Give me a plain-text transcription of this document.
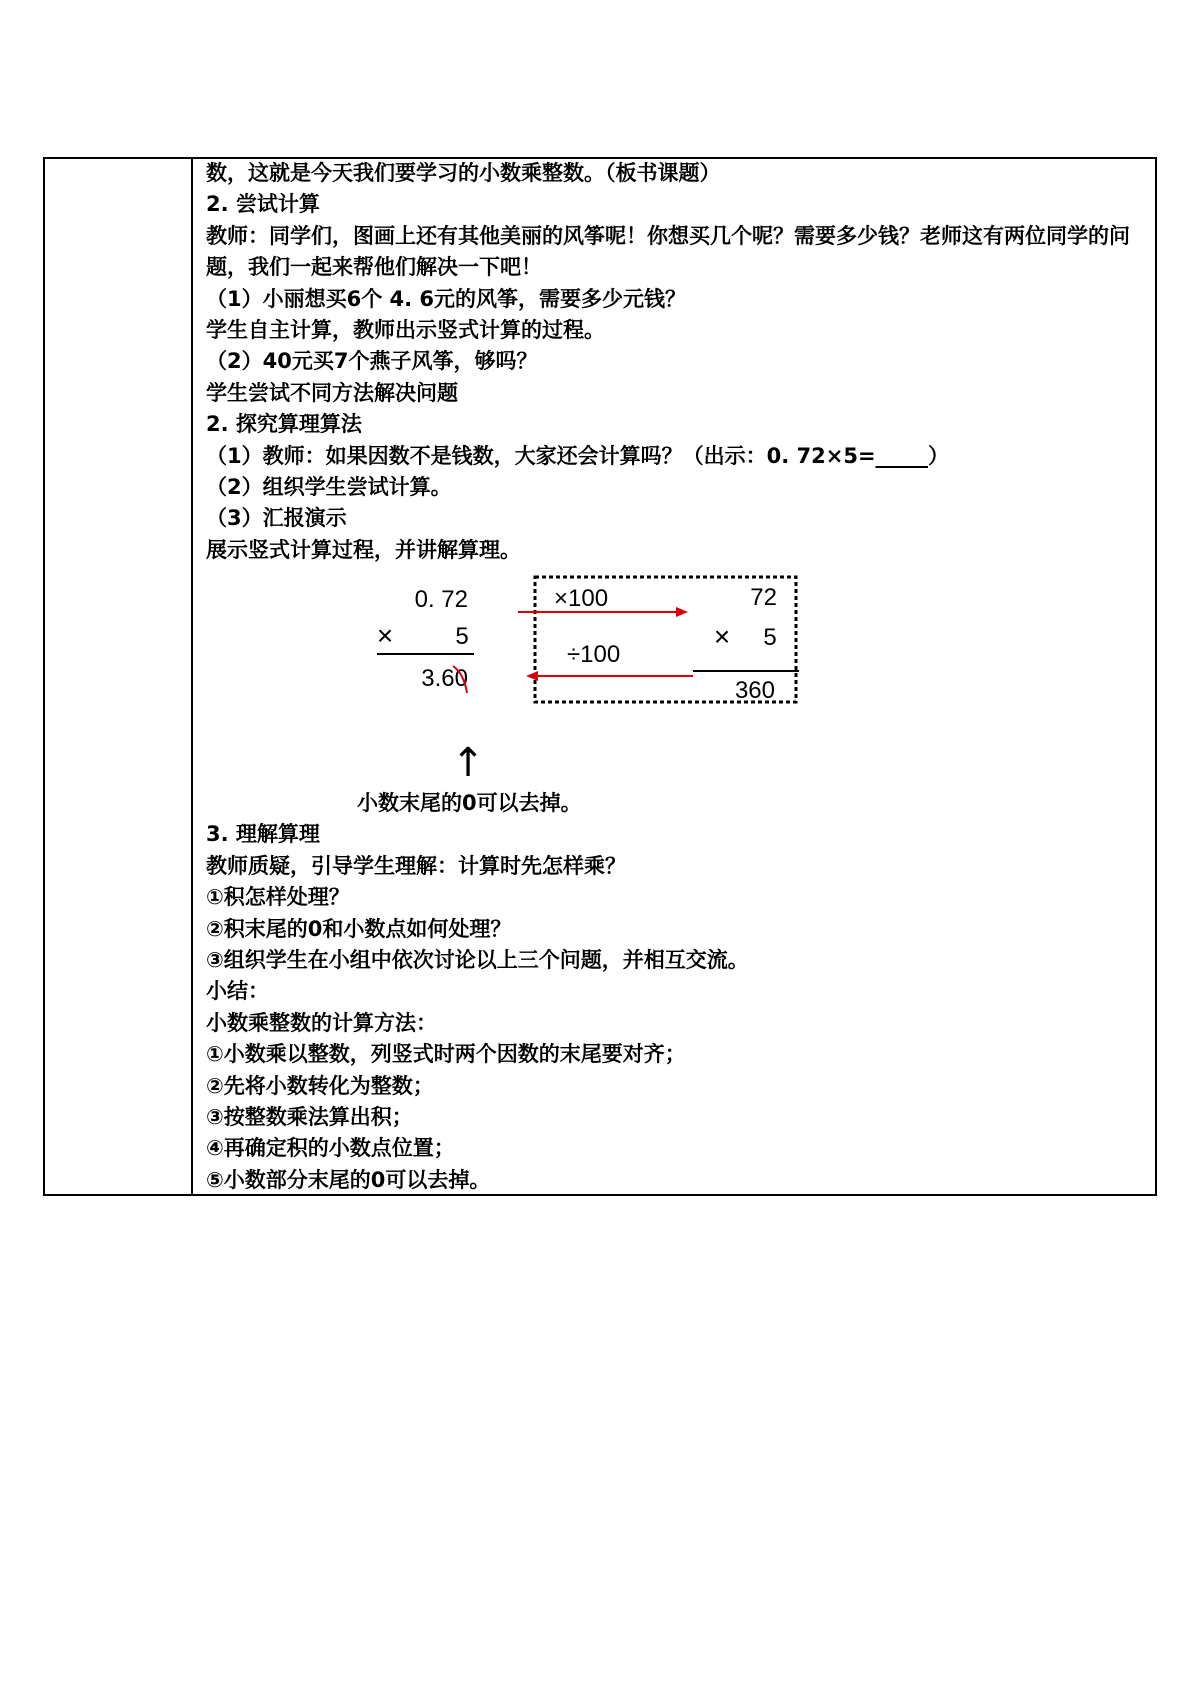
数，这就是今天我们要学习的小数乘整数。（板书课题）
2. 尝试计算
教师：同学们，图画上还有其他美丽的风筝呢！你想买几个呢？需要多少钱？老师这有两位同学的问
题，我们一起来帮他们解决一下吧！
（1）小丽想买6个 4. 6元的风筝，需要多少元钱？
学生自主计算，教师出示竖式计算的过程。
（2）40元买7个燕子风筝，够吗？
学生尝试不同方法解决问题
2. 探究算理算法
（1）教师：如果因数不是钱数，大家还会计算吗？（出示：0. 72×5=_____）
（2）组织学生尝试计算。
（3）汇报演示
展示竖式计算过程，并讲解算理。
0. 72
×	5
3.60
×100
÷100
72
× 5
360
↑
小数末尾的0可以去掉。
3. 理解算理
教师质疑，引导学生理解：计算时先怎样乘？
①积怎样处理？
②积末尾的0和小数点如何处理？
③组织学生在小组中依次讨论以上三个问题，并相互交流。
小结：
小数乘整数的计算方法：
①小数乘以整数，列竖式时两个因数的末尾要对齐；
②先将小数转化为整数；
③按整数乘法算出积；
④再确定积的小数点位置；
⑤小数部分末尾的0可以去掉。
